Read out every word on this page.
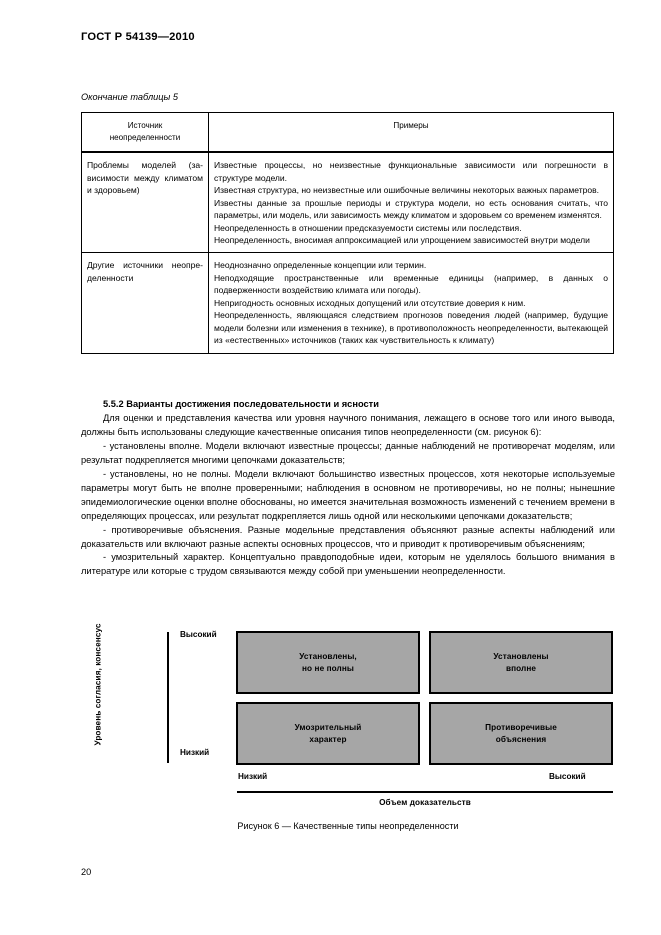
ГОСТ Р 54139—2010
Окончание таблицы 5
Источник
неопределенности	Примеры
Проблемы моделей (зависимости между климатом и здоровьем)	Известные процессы, но неизвестные функциональные зависимости или погрешности в структуре модели.

Известная структура, но неизвестные или ошибочные величины некоторых важных параметров.

Известны данные за прошлые периоды и структура модели, но есть основания считать, что параметры, или модель, или зависимость между климатом и здоровьем со временем изменятся.

Неопределенность в отношении предсказуемости системы или последствия.

Неопределенность, вносимая аппроксимацией или упрощением зависимостей внутри модели

Другие источники неопределенности	Неоднозначно определенные концепции или термин.

Неподходящие пространственные или временные единицы (например, в данных о подверженности воздействию климата или погоды).

Непригодность основных исходных допущений или отсутствие доверия к ним.

Неопределенность, являющаяся следствием прогнозов поведения людей (например, будущие модели болезни или изменения в технике), в противоположность неопределенности, вытекающей из «естественных» источников (таких как чувствительность к климату)

5.5.2 Варианты достижения последовательности и ясности

Для оценки и представления качества или уровня научного понимания, лежащего в основе того или иного вывода, должны быть использованы следующие качественные описания типов неопределенности (см. рисунок 6):

- установлены вполне. Модели включают известные процессы; данные наблюдений не противоречат моделям, или результат подкрепляется многими цепочками доказательств;

- установлены, но не полны. Модели включают большинство известных процессов, хотя некоторые используемые параметры могут быть не вполне проверенными; наблюдения в основном не противоречивы, но не полны; нынешние эпидемиологические оценки вполне обоснованы, но имеется значительная возможность изменений с течением времени в определяющих процессах, или результат подкрепляется лишь одной или несколькими цепочками доказательств;

- противоречивые объяснения. Разные модельные представления объясняют разные аспекты наблюдений или доказательств или включают разные аспекты основных процессов, что и приводит к противоречивым объяснениям;

- умозрительный характер. Концептуально правдоподобные идеи, которым не уделялось большого внимания в литературе или которые с трудом связываются между собой при уменьшении неопределенности.

Уровень согласия, консенсус	Высокий
Низкий
Установлены,
но не полны
Установлены
вполне
Умозрительный
характер
Противоречивые
объяснения
Низкий	Высокий
Объем доказательств
Рисунок 6 — Качественные типы неопределенности
20
